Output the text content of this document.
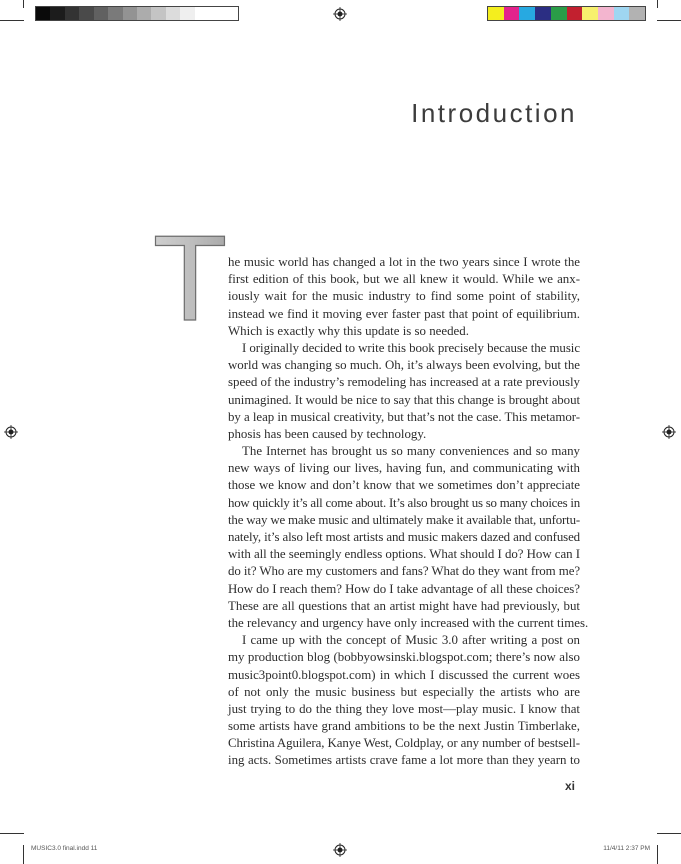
Introduction
T he music world has changed a lot in the two years since I wrote the
first edition of this book, but we all knew it would. While we anx-
iously wait for the music industry to find some point of stability,
instead we find it moving ever faster past that point of equilibrium.
Which is exactly why this update is so needed.
I originally decided to write this book precisely because the music
world was changing so much. Oh, it’s always been evolving, but the
speed of the industry’s remodeling has increased at a rate previously
unimagined. It would be nice to say that this change is brought about
by a leap in musical creativity, but that’s not the case. This metamor-
phosis has been caused by technology.
The Internet has brought us so many conveniences and so many
new ways of living our lives, having fun, and communicating with
those we know and don’t know that we sometimes don’t appreciate
how quickly it’s all come about. It’s also brought us so many choices in
the way we make music and ultimately make it available that, unfortu-
nately, it’s also left most artists and music makers dazed and confused
with all the seemingly endless options. What should I do? How can I
do it? Who are my customers and fans? What do they want from me?
How do I reach them? How do I take advantage of all these choices?
These are all questions that an artist might have had previously, but
the relevancy and urgency have only increased with the current times.
I came up with the concept of Music 3.0 after writing a post on
my production blog (bobbyowsinski.blogspot.com; there’s now also
music3point0.blogspot.com) in which I discussed the current woes
of not only the music business but especially the artists who are
just trying to do the thing they love most—play music. I know that
some artists have grand ambitions to be the next Justin Timberlake,
Christina Aguilera, Kanye West, Coldplay, or any number of bestsell-
ing acts. Sometimes artists crave fame a lot more than they yearn to
xi
MUSIC3.0 final.indd 11	11/4/11 2:37 PM
